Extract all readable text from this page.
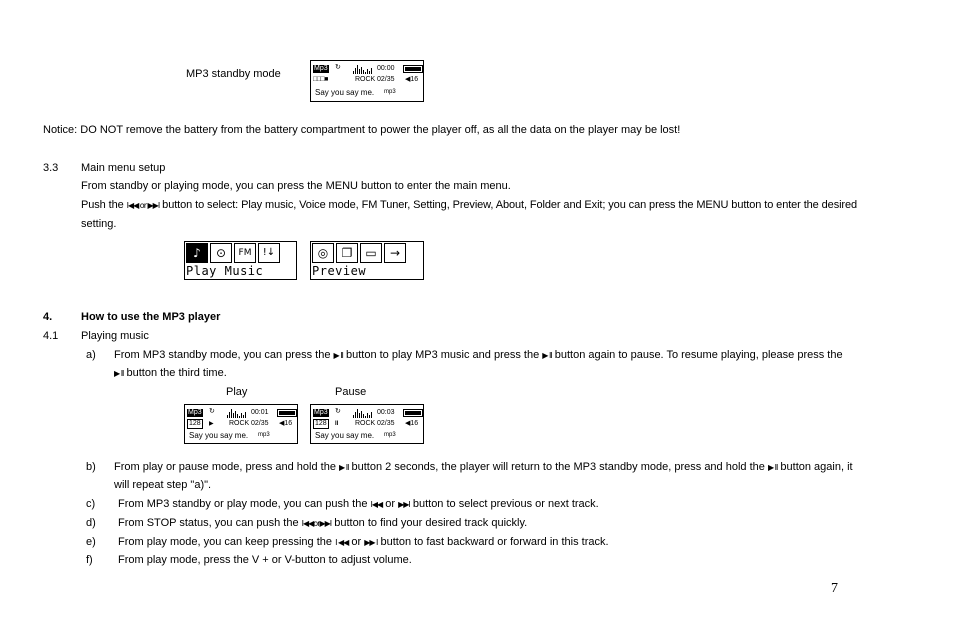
MP3 standby mode	Mp3 ↻	00:00
□□□■	ROCK 02/35 ◀16
Say you say me. mp3
Notice: DO NOT remove the battery from the battery compartment to power the player off, as all the data on the player may be lost!
3.3 Main menu setup
From standby or playing mode, you can press the MENU button to enter the main menu.
Push the I◀◀ or ▶▶I button to select: Play music, Voice mode, FM Tuner, Setting, Preview, About, Folder and Exit; you can press the MENU button to enter the desired
setting.
♪	⊙	FM	!↓
Play Music
◎	❐	▭	→
Preview
4.	How to use the MP3 player
4.1 Playing music
a) From MP3 standby mode, you can press the ▶ II button to play MP3 music and press the ▶ II button again to pause. To resume playing, please press the
▶ II button the third time.
Play	Pause
Mp3 ↻	00:01
128	▶ ROCK 02/35 ◀16
Say you say me. mp3
Mp3 ↻	00:03
128	II ROCK 02/35 ◀16
Say you say me. mp3
b) From play or pause mode, press and hold the ▶ II button 2 seconds, the player will return to the MP3 standby mode, press and hold the ▶ II button again, it
will repeat step "a)".
c) From MP3 standby or play mode, you can push the I◀◀ or ▶▶I button to select previous or next track.
d) From STOP status, you can push the I◀◀or▶▶I button to find your desired track quickly.
e) From play mode, you can keep pressing the I ◀◀ or ▶▶ I button to fast backward or forward in this track.
f) From play mode, press the V + or V-button to adjust volume.
7
